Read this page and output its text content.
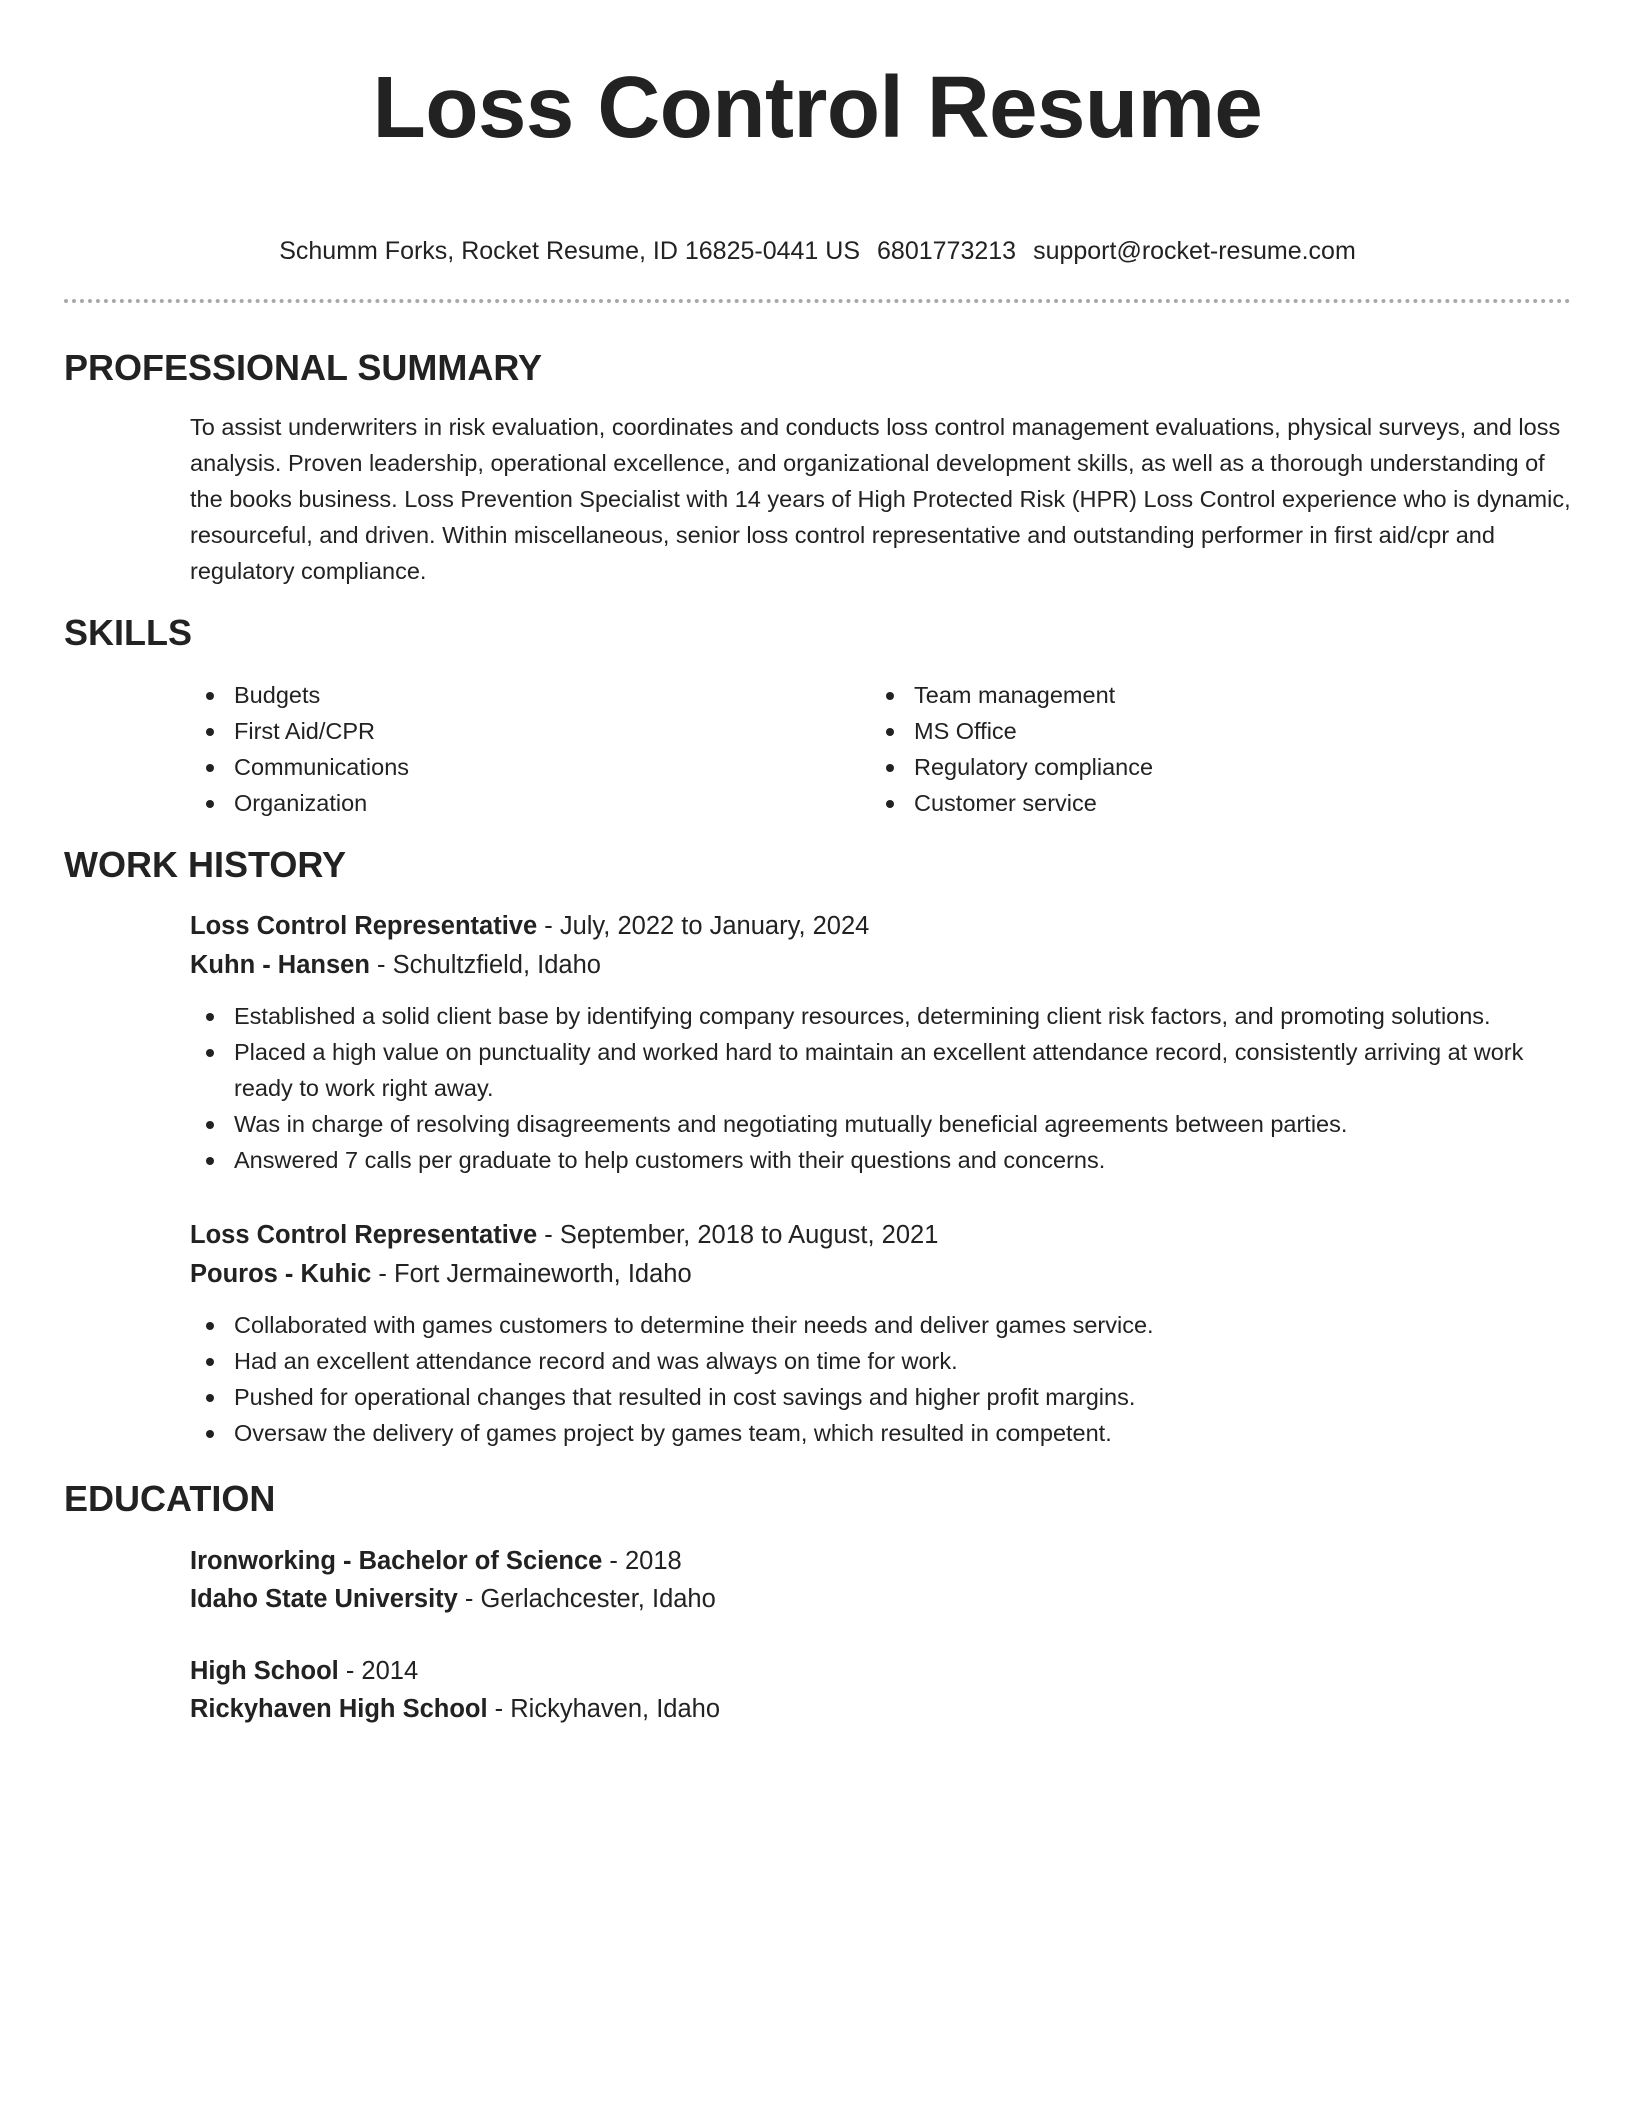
Loss Control Resume
Schumm Forks, Rocket Resume, ID 16825-0441 US 6801773213 support@rocket-resume.com
PROFESSIONAL SUMMARY

To assist underwriters in risk evaluation, coordinates and conducts loss control management evaluations, physical surveys, and loss analysis. Proven leadership, operational excellence, and organizational development skills, as well as a thorough understanding of the books business. Loss Prevention Specialist with 14 years of High Protected Risk (HPR) Loss Control experience who is dynamic, resourceful, and driven. Within miscellaneous, senior loss control representative and outstanding performer in first aid/cpr and regulatory compliance.

SKILLS
Budgets
First Aid/CPR
Communications
Organization
Team management
MS Office
Regulatory compliance
Customer service
WORK HISTORY
Loss Control Representative - July, 2022 to January, 2024
Kuhn - Hansen - Schultzfield, Idaho
Established a solid client base by identifying company resources, determining client risk factors, and promoting solutions.
Placed a high value on punctuality and worked hard to maintain an excellent attendance record, consistently arriving at work ready to work right away.
Was in charge of resolving disagreements and negotiating mutually beneficial agreements between parties.
Answered 7 calls per graduate to help customers with their questions and concerns.
Loss Control Representative - September, 2018 to August, 2021
Pouros - Kuhic - Fort Jermaineworth, Idaho
Collaborated with games customers to determine their needs and deliver games service.
Had an excellent attendance record and was always on time for work.
Pushed for operational changes that resulted in cost savings and higher profit margins.
Oversaw the delivery of games project by games team, which resulted in competent.
EDUCATION
Ironworking - Bachelor of Science - 2018
Idaho State University - Gerlachcester, Idaho
High School - 2014
Rickyhaven High School - Rickyhaven, Idaho
